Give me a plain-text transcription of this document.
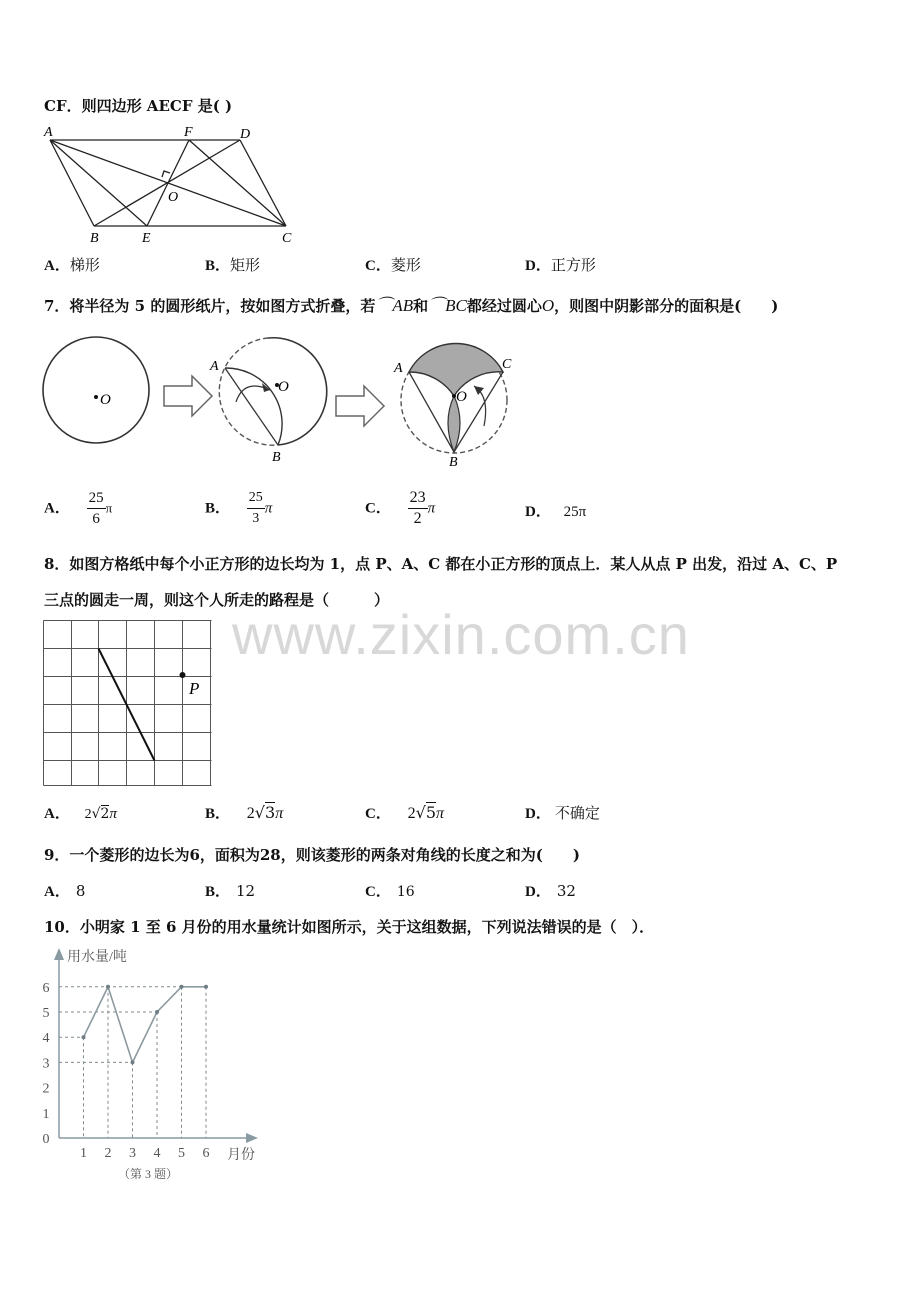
CF．则四边形 AECF 是( )
A	F	D
O
B	E	C
A．梯形	B．矩形	C．菱形	D．正方形
7．将半径为 5 的圆形纸片，按如图方式折叠，若⌒AB和⌒BC都经过圆心O，则图中阴影部分的面积是(　　)
O
A
O
B
A
O
C
B
A． $\frac{25}{6}$ π	B． $\frac{25}{3}$ π	C． $\frac{23}{2}$ π	D． 25π
8．如图方格纸中每个小正方形的边长均为 1，点 P、A、C 都在小正方形的顶点上．某人从点 P 出发，沿过 A、C、P
三点的圆走一周，则这个人所走的路程是（　　　）
www.zixin.com.cn
P
A． 2√2π	B． 2√3π	C． 2√5π	D． 不确定
9．一个菱形的边长为6，面积为28，则该菱形的两条对角线的长度之和为(　　)
A． 8	B． 12	C． 16	D． 32
10．小明家 1 至 6 月份的用水量统计如图所示，关于这组数据，下列说法错误的是（　）．
用水量/吨
月份
（第 3 题）
0
1
2
3
4
5
6
1 2 3 4 5 6
